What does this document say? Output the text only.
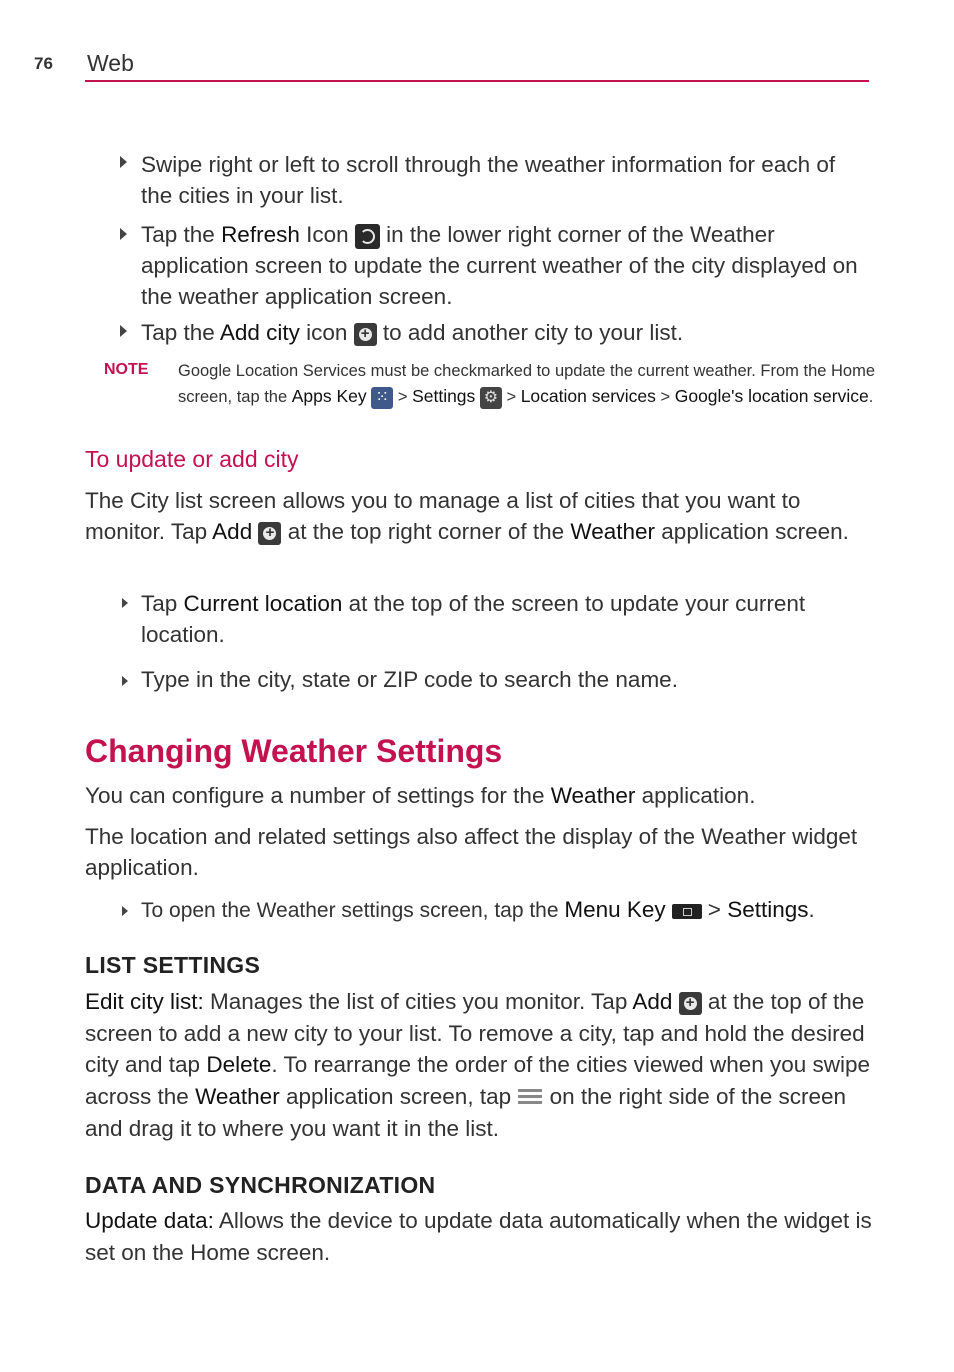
76 Web
Swipe right or left to scroll through the weather information for each of the cities in your list.
Tap the Refresh Icon  in the lower right corner of the Weather application screen to update the current weather of the city displayed on the weather application screen.
Tap the Add city icon + to add another city to your list.
NOTE Google Location Services must be checkmarked to update the current weather. From the Home screen, tap the Apps Key ⁙ > Settings ⚙ > Location services > Google's location service.
To update or add city
The City list screen allows you to manage a list of cities that you want to monitor. Tap Add + at the top right corner of the Weather application screen.
Tap Current location at the top of the screen to update your current location.
Type in the city, state or ZIP code to search the name.
Changing Weather Settings
You can configure a number of settings for the Weather application.
The location and related settings also affect the display of the Weather widget application.
To open the Weather settings screen, tap the Menu Key  > Settings.
LIST SETTINGS
Edit city list: Manages the list of cities you monitor. Tap Add + at the top of the screen to add a new city to your list. To remove a city, tap and hold the desired city and tap Delete. To rearrange the order of the cities viewed when you swipe across the Weather application screen, tap  on the right side of the screen and drag it to where you want it in the list.
DATA AND SYNCHRONIZATION
Update data: Allows the device to update data automatically when the widget is set on the Home screen.
